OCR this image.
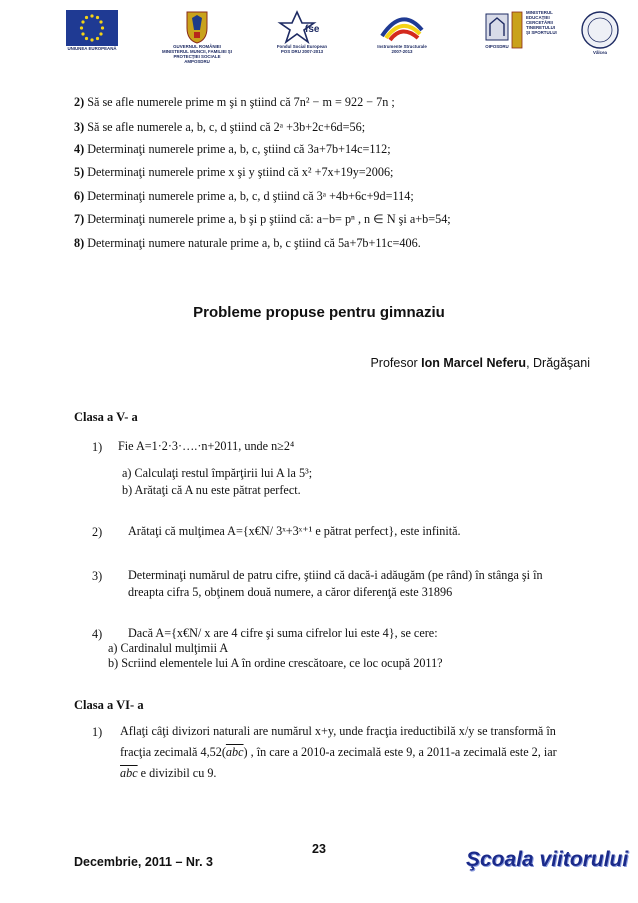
UNIUNEA EUROPEANĂ	GUVERNUL ROMÂNIEI
MINISTERUL MUNCII, FAMILIEI ŞI
PROTECŢIEI SOCIALE
AMPOSDRU
fse
Fondul Social European
POS DRU 2007-2013
Instrumente Structurale
2007-2013
OIPOSDRU
MINISTERUL
EDUCAŢIEI
CERCETĂRII
TINERETULUI
ŞI SPORTULUI
Vâlcea
2) Să se afle numerele prime m şi n ştiind că 7n² − m = 922 − 7n ;
3) Să se afle numerele a, b, c, d ştiind că 2ᵃ +3b+2c+6d=56;
4) Determinaţi numerele prime a, b, c, ştiind că 3a+7b+14c=112;
5) Determinaţi numerele prime x şi y ştiind că x² +7x+19y=2006;
6) Determinaţi numerele prime a, b, c, d ştiind că 3ᵃ +4b+6c+9d=114;
7) Determinaţi numerele prime a, b şi p ştiind că: a−b= pⁿ , n ∈ N şi a+b=54;
8) Determinaţi numere naturale prime a, b, c ştiind că 5a+7b+11c=406.
Probleme propuse pentru gimnaziu
Profesor Ion Marcel Neferu, Drăgăşani
Clasa a V- a
1) Fie A=1·2·3·….·n+2011, unde n≥2⁴
a) Calculaţi restul împărţirii lui A la 5³;
b) Arătaţi că A nu este pătrat perfect.
2) Arătaţi că mulţimea A={x€N/ 3ˣ+3ˣ⁺¹ e pătrat perfect}, este infinită.
3) Determinaţi numărul de patru cifre, ştiind că dacă-i adăugăm (pe rând) în stânga şi în
dreapta cifra 5, obţinem două numere, a căror diferenţă este 31896
4) Dacă A={x€N/ x are 4 cifre şi suma cifrelor lui este 4}, se cere:
a) Cardinalul mulţimii A
b) Scriind elementele lui A în ordine crescătoare, ce loc ocupă 2011?
Clasa a VI- a
1) Aflaţi câţi divizori naturali are numărul x+y, unde fracţia ireductibilă x/y se transformă în
fracţia zecimală $4,52(\overline{abc})$ , în care a 2010-a zecimală este 9, a 2011-a zecimală este 2, iar
$\overline{abc}$ e divizibil cu 9.
23
Decembrie, 2011 – Nr. 3	Şcoala viitorului
